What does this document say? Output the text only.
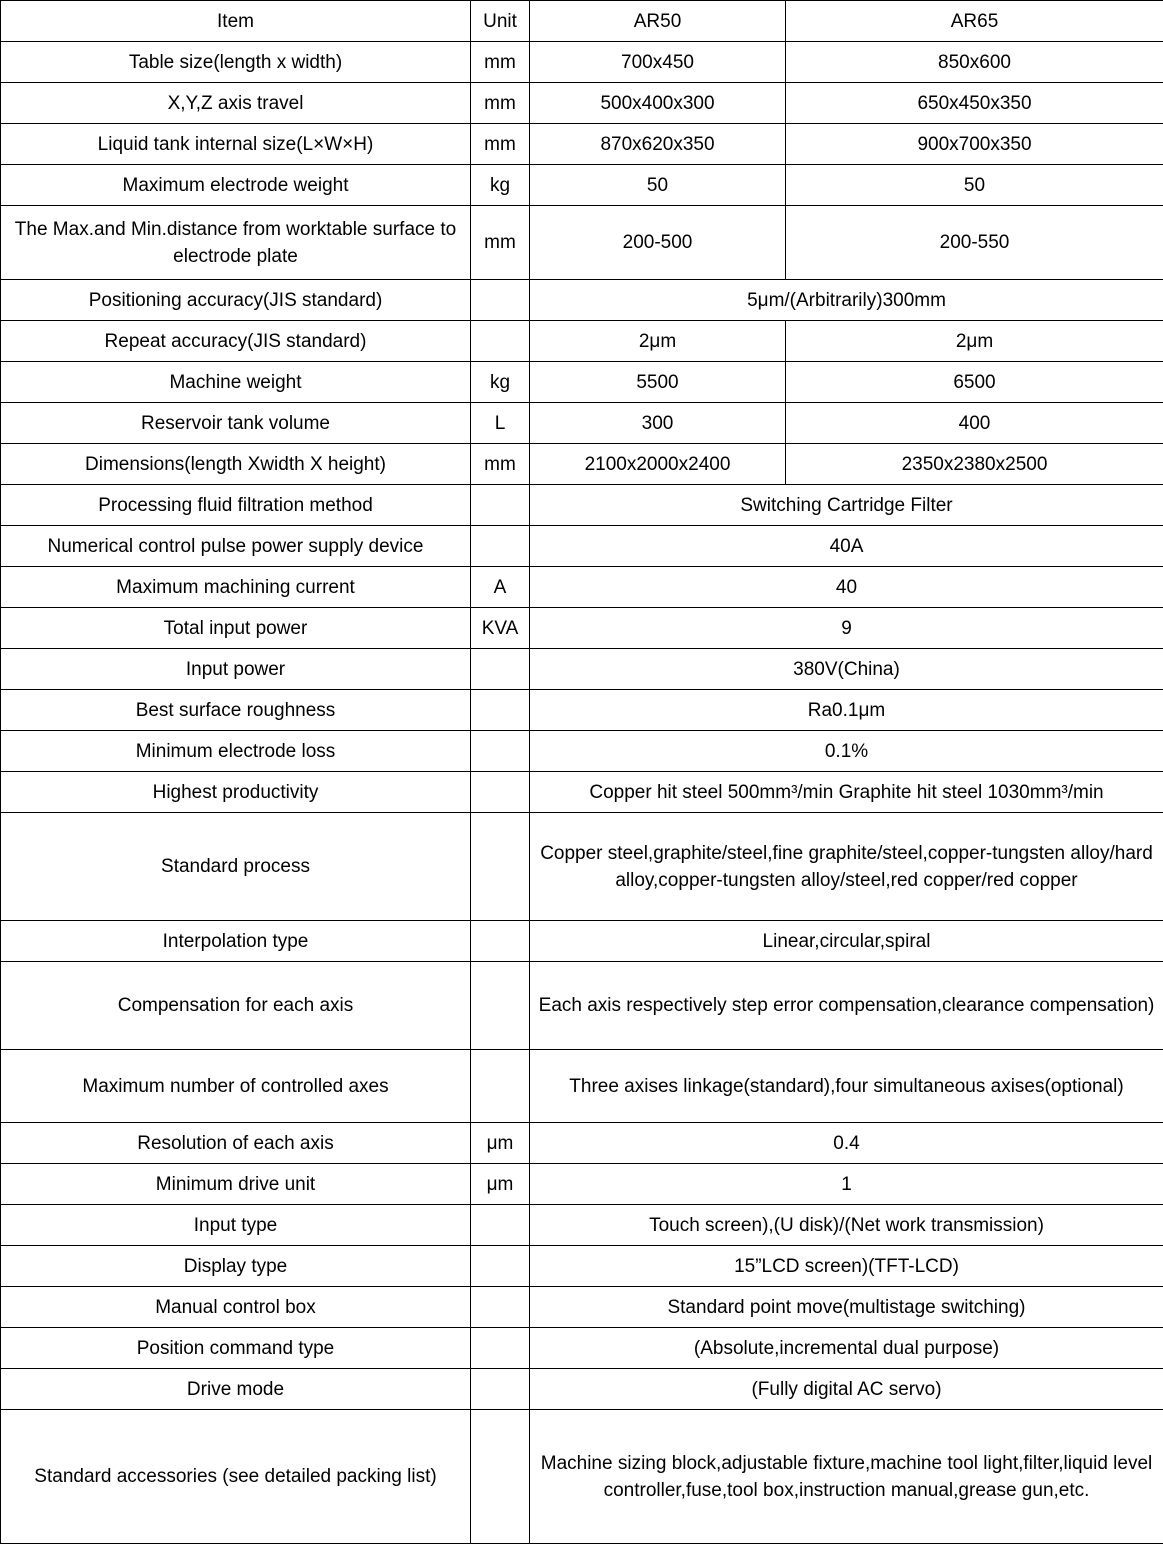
Item	Unit	AR50	AR65
Table size(length x width)	mm	700x450	850x600
X,Y,Z axis travel	mm	500x400x300	650x450x350
Liquid tank internal size(L×W×H)	mm	870x620x350	900x700x350
Maximum electrode weight	kg	50	50
The Max.and Min.distance from worktable surface to electrode plate	mm	200-500	200-550
Positioning accuracy(JIS standard)		5μm/(Arbitrarily)300mm	
Repeat accuracy(JIS standard)		2μm	2μm
Machine weight	kg	5500	6500
Reservoir tank volume	L	300	400
Dimensions(length Xwidth X height)	mm	2100x2000x2400	2350x2380x2500
Processing fluid filtration method		Switching Cartridge Filter	
Numerical control pulse power supply device		40A	
Maximum machining current	A	40	
Total input power	KVA	9	
Input power		380V(China)	
Best surface roughness		Ra0.1μm	
Minimum electrode loss		0.1%	
Highest productivity		Copper hit steel 500mm³/min Graphite hit steel 1030mm³/min	
Standard process		Copper steel,graphite/steel,fine graphite/steel,copper-tungsten alloy/hard alloy,copper-tungsten alloy/steel,red copper/red copper	
Interpolation type		Linear,circular,spiral	
Compensation for each axis		Each axis respectively step error compensation,clearance compensation)	
Maximum number of controlled axes		Three axises linkage(standard),four simultaneous axises(optional)	
Resolution of each axis	μm	0.4	
Minimum drive unit	μm	1	
Input type		Touch screen),(U disk)/(Net work transmission)	
Display type		15”LCD screen)(TFT-LCD)	
Manual control box		Standard point move(multistage switching)	
Position command type		(Absolute,incremental dual purpose)	
Drive mode		(Fully digital AC servo)	
Standard accessories (see detailed packing list)		Machine sizing block,adjustable fixture,machine tool light,filter,liquid level controller,fuse,tool box,instruction manual,grease gun,etc.	
